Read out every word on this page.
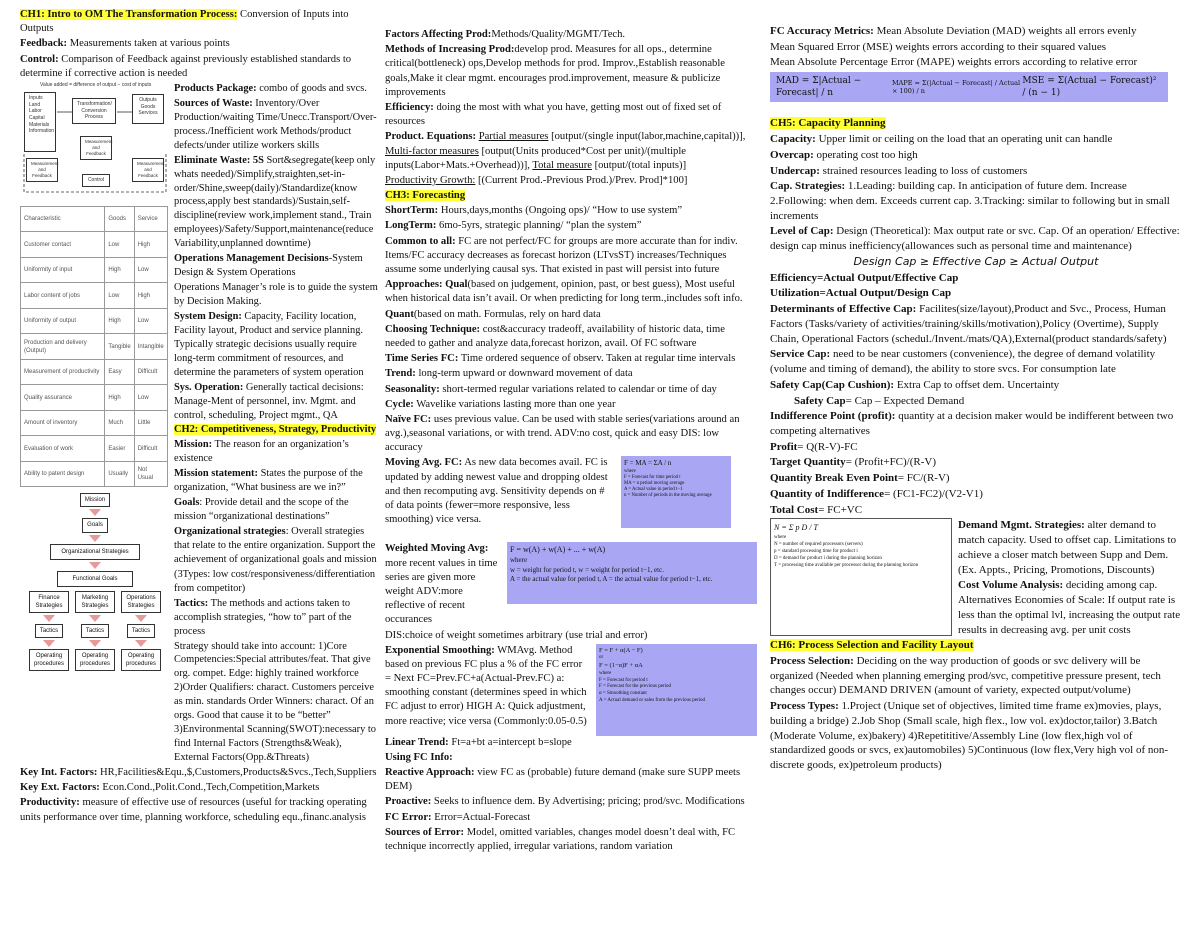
CH1: Intro to OM The Transformation Process: Conversion of Inputs into Outputs

Feedback: Measurements taken at various points

Control: Comparison of Feedback against previously established standards to determine if corrective action is needed

Value added = difference of output − cost of inputs
Inputs
Land
Labor
Capital
Materials
Information
Transformation/ Conversion Process
Outputs
Goods
Services
Measurement and Feedback
Measurement and Feedback
Measurement and Feedback
Control
Characteristic	Goods	Service
Customer contact	Low	High
Uniformity of input	High	Low
Labor content of jobs	Low	High
Uniformity of output	High	Low
Production and delivery (Output)	Tangible	Intangible
Measurement of productivity	Easy	Difficult
Quality assurance	High	Low
Amount of inventory	Much	Little
Evaluation of work	Easier	Difficult
Ability to patent design	Usually	Not Usual
Mission
Goals
Organizational Strategies
Functional Goals
Finance Strategies
Tactics
Operating procedures
Marketing Strategies
Tactics
Operating procedures
Operations Strategies
Tactics
Operating procedures

Products Package: combo of goods and svcs.

Sources of Waste: Inventory/Over Production/waiting Time/Unecc.Transport/Over-process./Inefficient work Methods/product defects/under utilize workers skills

Eliminate Waste: 5S Sort&segregate(keep only whats needed)/Simplify,straighten,set-in-order/Shine,sweep(daily)/Standardize(know process,apply best standards)/Sustain,self-discipline(review work,implement stand., Train employees)/Safety/Support,maintenance(reduce Variability,unplanned downtime)

Operations Management Decisions-System Design & System Operations

Operations Manager’s role is to guide the system by Decision Making.

System Design: Capacity, Facility location, Facility layout, Product and service planning. Typically strategic decisions usually require long-term commitment of resources, and determine the parameters of system operation

Sys. Operation: Generally tactical decisions: Manage-Ment of personnel, inv. Mgmt. and control, scheduling, Project mgmt., QA

CH2: Competitiveness, Strategy, Productivity

Mission: The reason for an organization’s existence

Mission statement: States the purpose of the organization, “What business are we in?”

Goals: Provide detail and the scope of the mission “organizational destinations”

Organizational strategies: Overall strategies that relate to the entire organization. Support the achievement of organizational goals and mission

(3Types: low cost/responsiveness/differentiation from competitor)

Tactics: The methods and actions taken to accomplish strategies, “how to” part of the process

Strategy should take into account: 1)Core Competencies:Special attributes/feat. That give org. compet. Edge: highly trained workforce 2)Order Qualifiers: charact. Customers perceive as min. standards Order Winners: charact. Of an orgs. Good that cause it to be “better” 3)Environmental Scanning(SWOT):necessary to find Internal Factors (Strengths&Weak), External Factors(Opp.&Threats)

Key Int. Factors: HR,Facilities&Equ.,$,Customers,Products&Svcs.,Tech,Suppliers

Key Ext. Factors: Econ.Cond.,Polit.Cond.,Tech,Competition,Markets

Productivity: measure of effective use of resources (useful for tracking operating units performance over time, planning workforce, scheduling equ.,financ.analysis

Factors Affecting Prod:Methods/Quality/MGMT/Tech.

Methods of Increasing Prod:develop prod. Measures for all ops., determine critical(bottleneck) ops,Develop methods for prod. Improv.,Establish reasonable goals,Make it clear mgmt. encourages prod.improvement, measure & publicize improvements

Efficiency: doing the most with what you have, getting most out of fixed set of resources

Product. Equations: Partial measures [output/(single input(labor,machine,capital))], Multi-factor measures [output(Units produced*Cost per unit)/(multiple inputs(Labor+Mats.+Overhead))], Total measure [output/(total inputs)]

Productivity Growth: [(Current Prod.-Previous Prod.)/Prev. Prod]*100]

CH3: Forecasting

ShortTerm: Hours,days,months (Ongoing ops)/ “How to use system”

LongTerm: 6mo-5yrs, strategic planning/ “plan the system”

Common to all: FC are not perfect/FC for groups are more accurate than for indiv. Items/FC accuracy decreases as forecast horizon (LTvsST) increases/Techniques assume some underlying causal sys. That existed in past will persist into future

Approaches: Qual(based on judgement, opinion, past, or best guess), Most useful when historical data isn’t avail. Or when predicting for long term.,includes soft info.

Quant(based on math. Formulas, rely on hard data

Choosing Technique: cost&accuracy tradeoff, availability of historic data, time needed to gather and analyze data,forecast horizon, avail. Of FC software

Time Series FC: Time ordered sequence of observ. Taken at regular time intervals

Trend: long-term upward or downward movement of data

Seasonality: short-termed regular variations related to calendar or time of day

Cycle: Wavelike variations lasting more than one year

Naïve FC: uses previous value. Can be used with stable series(variations around an avg.),seasonal variations, or with trend. ADV:no cost, quick and easy DIS: low accuracy

Moving Avg. FC: As new data becomes avail. FC is updated by adding newest value and dropping oldest and then recomputing avg. Sensitivity depends on # of data points (fewer=more responsive, less smoothing) vice versa.

F = MA = ΣA / n
where
F = Forecast for time period t
MA = n period moving average
A = Actual value in period t−1
n = Number of periods in the moving average

Weighted Moving Avg: more recent values in time series are given more weight ADV:more reflective of recent occurances

F = w(A) + w(A) + ... + w(A)
where
w = weight for period t, w = weight for period t−1, etc.
A = the actual value for period t, A = the actual value for period t−1, etc.

DIS:choice of weight sometimes arbitrary (use trial and error)

Exponential Smoothing: WMAvg. Method based on previous FC plus a % of the FC error = Next FC=Prev.FC+a(Actual-Prev.FC) a: smoothing constant (determines speed in which FC adjust to error) HIGH A: Quick adjustment, more reactive; vice versa (Commonly:0.05-0.5)

F = F + α(A − F)
or
F = (1−α)F + αA
where
F = Forecast for period t
F = Forecast for the previous period
α = Smoothing constant
A = Actual demand or sales from the previous period

Linear Trend: Ft=a+bt a=intercept b=slope

Using FC Info:

Reactive Approach: view FC as (probable) future demand (make sure SUPP meets DEM)

Proactive: Seeks to influence dem. By Advertising; pricing; prod/svc. Modifications

FC Error: Error=Actual-Forecast

Sources of Error: Model, omitted variables, changes model doesn’t deal with, FC technique incorrectly applied, irregular variations, random variation

FC Accuracy Metrics: Mean Absolute Deviation (MAD) weights all errors evenly

Mean Squared Error (MSE) weights errors according to their squared values

Mean Absolute Percentage Error (MAPE) weights errors according to relative error

MAD = Σ|Actual − Forecast| / n
MAPE = Σ(|Actual − Forecast| / Actual × 100) / n
MSE = Σ(Actual − Forecast)² / (n − 1)

CH5: Capacity Planning

Capacity: Upper limit or ceiling on the load that an operating unit can handle

Overcap: operating cost too high

Undercap: strained resources leading to loss of customers

Cap. Strategies: 1.Leading: building cap. In anticipation of future dem. Increase 2.Following: when dem. Exceeds current cap. 3.Tracking: similar to following but in small increments

Level of Cap: Design (Theoretical): Max output rate or svc. Cap. Of an operation/ Effective: design cap minus inefficiency(allowances such as personal time and maintenance)

Design Cap ≥ Effective Cap ≥ Actual Output

Efficiency=Actual Output/Effective Cap

Utilization=Actual Output/Design Cap

Determinants of Effective Cap: Facilites(size/layout),Product and Svc., Process, Human Factors (Tasks/variety of activities/training/skills/motivation),Policy (Overtime), Supply Chain, Operational Factors (schedul./Invent./mats/QA),External(product standards/safety)

Service Cap: need to be near customers (convenience), the degree of demand volatility (volume and timing of demand), the ability to store svcs. For consumption late

Safety Cap(Cap Cushion): Extra Cap to offset dem. Uncertainty

Safety Cap= Cap – Expected Demand

Indifference Point (profit): quantity at a decision maker would be indifferent between two competing alternatives

Profit= Q(R-V)-FC

Target Quantity= (Profit+FC)/(R-V)

Quantity Break Even Point= FC/(R-V)

Quantity of Indifference= (FC1-FC2)/(V2-V1)

Total Cost= FC+VC

N = Σ p D / T
where
N = number of required processors (servers)
p = standard processing time for product i
D = demand for product i during the planning horizon
T = processing time available per processor during the planning horizon

Demand Mgmt. Strategies: alter demand to match capacity. Used to offset cap. Limitations to achieve a closer match between Supp and Dem. (Ex. Appts., Pricing, Promotions, Discounts)

Cost Volume Analysis: deciding among cap. Alternatives Economies of Scale: If output rate is less than the optimal lvl, increasing the output rate results in decreasing avg. per unit costs

CH6: Process Selection and Facility Layout

Process Selection: Deciding on the way production of goods or svc delivery will be organized (Needed when planning emerging prod/svc, competitive pressure present, tech changes occur) DEMAND DRIVEN (amount of variety, expected output/volume)

Process Types: 1.Project (Unique set of objectives, limited time frame ex)movies, plays, building a bridge) 2.Job Shop (Small scale, high flex., low vol. ex)doctor,tailor) 3.Batch (Moderate Volume, ex)bakery) 4)Repetititive/Assembly Line (low flex,high vol of standardized goods or svcs, ex)automobiles) 5)Continuous (low flex,Very high vol of non-discrete goods, ex)petroleum products)
